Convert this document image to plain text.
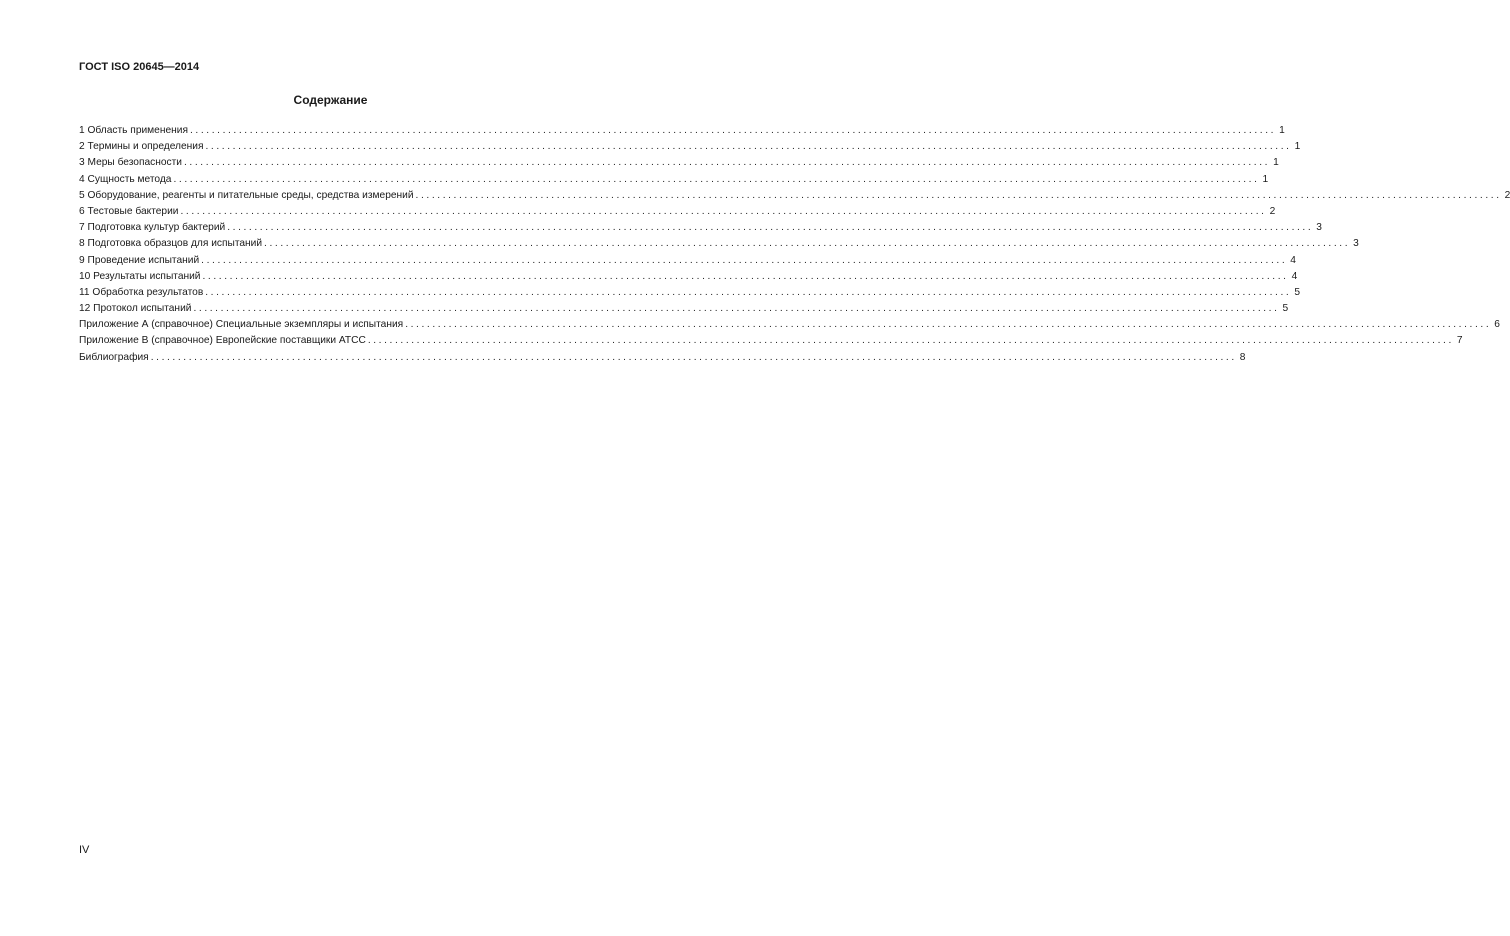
ГОСТ ISO 20645—2014
Содержание
1 Область применения ........................................................................................................................................................................................................ 1
2 Термины и определения ........................................................................................................................................................................................................ 1
3 Меры безопасности ........................................................................................................................................................................................................ 1
4 Сущность метода ........................................................................................................................................................................................................ 1
5 Оборудование, реагенты и питательные среды, средства измерений ........................................................................................................................................................................................................ 2
6 Тестовые бактерии ........................................................................................................................................................................................................ 2
7 Подготовка культур бактерий ........................................................................................................................................................................................................ 3
8 Подготовка образцов для испытаний ........................................................................................................................................................................................................ 3
9 Проведение испытаний ........................................................................................................................................................................................................ 4
10 Результаты испытаний ........................................................................................................................................................................................................ 4
11 Обработка результатов ........................................................................................................................................................................................................ 5
12 Протокол испытаний ........................................................................................................................................................................................................ 5
Приложение А (справочное) Специальные экземпляры и испытания ........................................................................................................................................................................................................ 6
Приложение В (справочное) Европейские поставщики АТСС ........................................................................................................................................................................................................ 7
Библиография ........................................................................................................................................................................................................ 8
IV
